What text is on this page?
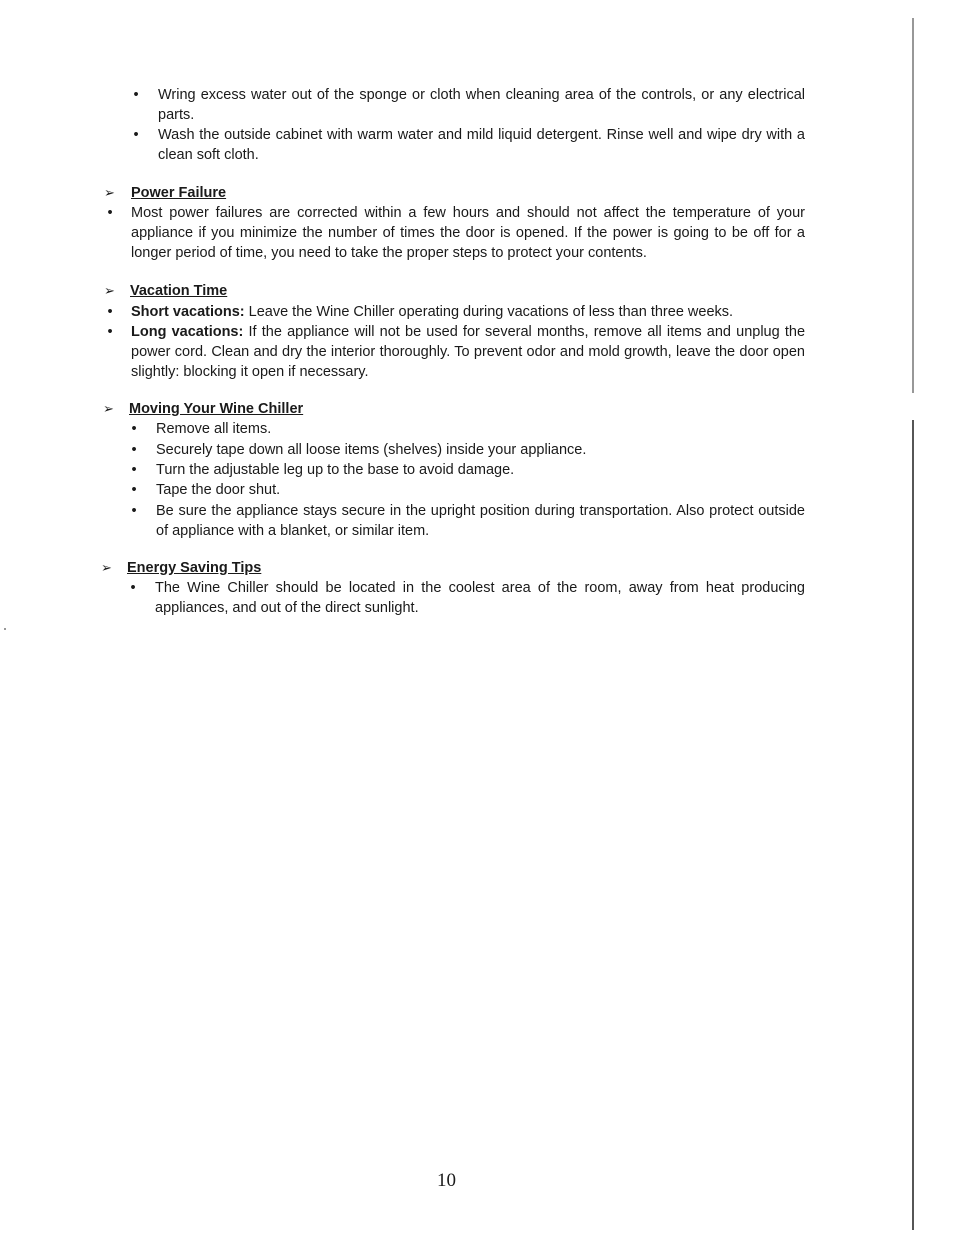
• Wring excess water out of the sponge or cloth when cleaning area of the controls, or any electrical parts.
• Wash the outside cabinet with warm water and mild liquid detergent. Rinse well and wipe dry with a clean soft cloth.
➢ Power Failure
• Most power failures are corrected within a few hours and should not affect the temperature of your appliance if you minimize the number of times the door is opened. If the power is going to be off for a longer period of time, you need to take the proper steps to protect your contents.
➢ Vacation Time
• Short vacations: Leave the Wine Chiller operating during vacations of less than three weeks.
• Long vacations: If the appliance will not be used for several months, remove all items and unplug the power cord. Clean and dry the interior thoroughly. To prevent odor and mold growth, leave the door open slightly: blocking it open if necessary.
➢ Moving Your Wine Chiller
• Remove all items.
• Securely tape down all loose items (shelves) inside your appliance.
• Turn the adjustable leg up to the base to avoid damage.
• Tape the door shut.
• Be sure the appliance stays secure in the upright position during transportation. Also protect outside of appliance with a blanket, or similar item.
➢ Energy Saving Tips
• The Wine Chiller should be located in the coolest area of the room, away from heat producing appliances, and out of the direct sunlight.
10
